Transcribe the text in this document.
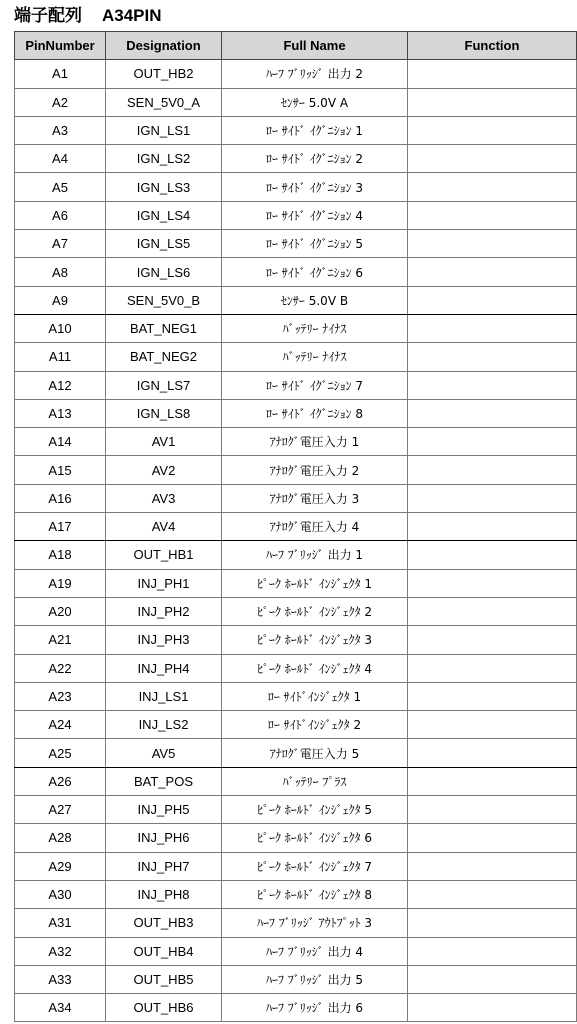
端子配列 A34PIN
PinNumber	Designation	Full Name	Function
A1	OUT_HB2	ﾊｰﾌ ﾌﾞﾘｯｼﾞ 出力 2	
A2	SEN_5V0_A	ｾﾝｻｰ 5.0V A	
A3	IGN_LS1	ﾛｰ ｻｲﾄﾞ ｲｸﾞﾆｼｮﾝ 1	
A4	IGN_LS2	ﾛｰ ｻｲﾄﾞ ｲｸﾞﾆｼｮﾝ 2	
A5	IGN_LS3	ﾛｰ ｻｲﾄﾞ ｲｸﾞﾆｼｮﾝ 3	
A6	IGN_LS4	ﾛｰ ｻｲﾄﾞ ｲｸﾞﾆｼｮﾝ 4	
A7	IGN_LS5	ﾛｰ ｻｲﾄﾞ ｲｸﾞﾆｼｮﾝ 5	
A8	IGN_LS6	ﾛｰ ｻｲﾄﾞ ｲｸﾞﾆｼｮﾝ 6	
A9	SEN_5V0_B	ｾﾝｻｰ 5.0V B	
A10	BAT_NEG1	ﾊﾞｯﾃﾘｰ ﾅｲﾅｽ	
A11	BAT_NEG2	ﾊﾞｯﾃﾘｰ ﾅｲﾅｽ	
A12	IGN_LS7	ﾛｰ ｻｲﾄﾞ ｲｸﾞﾆｼｮﾝ 7	
A13	IGN_LS8	ﾛｰ ｻｲﾄﾞ ｲｸﾞﾆｼｮﾝ 8	
A14	AV1	ｱﾅﾛｸﾞ電圧入力 1	
A15	AV2	ｱﾅﾛｸﾞ電圧入力 2	
A16	AV3	ｱﾅﾛｸﾞ電圧入力 3	
A17	AV4	ｱﾅﾛｸﾞ電圧入力 4	
A18	OUT_HB1	ﾊｰﾌ ﾌﾞﾘｯｼﾞ 出力 1	
A19	INJ_PH1	ﾋﾟｰｸ ﾎｰﾙﾄﾞ ｲﾝｼﾞｪｸﾀ 1	
A20	INJ_PH2	ﾋﾟｰｸ ﾎｰﾙﾄﾞ ｲﾝｼﾞｪｸﾀ 2	
A21	INJ_PH3	ﾋﾟｰｸ ﾎｰﾙﾄﾞ ｲﾝｼﾞｪｸﾀ 3	
A22	INJ_PH4	ﾋﾟｰｸ ﾎｰﾙﾄﾞ ｲﾝｼﾞｪｸﾀ 4	
A23	INJ_LS1	ﾛｰ ｻｲﾄﾞｲﾝｼﾞｪｸﾀ 1	
A24	INJ_LS2	ﾛｰ ｻｲﾄﾞｲﾝｼﾞｪｸﾀ 2	
A25	AV5	ｱﾅﾛｸﾞ電圧入力 5	
A26	BAT_POS	ﾊﾞｯﾃﾘｰ ﾌﾟﾗｽ	
A27	INJ_PH5	ﾋﾟｰｸ ﾎｰﾙﾄﾞ ｲﾝｼﾞｪｸﾀ 5	
A28	INJ_PH6	ﾋﾟｰｸ ﾎｰﾙﾄﾞ ｲﾝｼﾞｪｸﾀ 6	
A29	INJ_PH7	ﾋﾟｰｸ ﾎｰﾙﾄﾞ ｲﾝｼﾞｪｸﾀ 7	
A30	INJ_PH8	ﾋﾟｰｸ ﾎｰﾙﾄﾞ ｲﾝｼﾞｪｸﾀ 8	
A31	OUT_HB3	ﾊｰﾌ ﾌﾞﾘｯｼﾞ ｱｳﾄﾌﾟｯﾄ 3	
A32	OUT_HB4	ﾊｰﾌ ﾌﾞﾘｯｼﾞ 出力 4	
A33	OUT_HB5	ﾊｰﾌ ﾌﾞﾘｯｼﾞ 出力 5	
A34	OUT_HB6	ﾊｰﾌ ﾌﾞﾘｯｼﾞ 出力 6	
